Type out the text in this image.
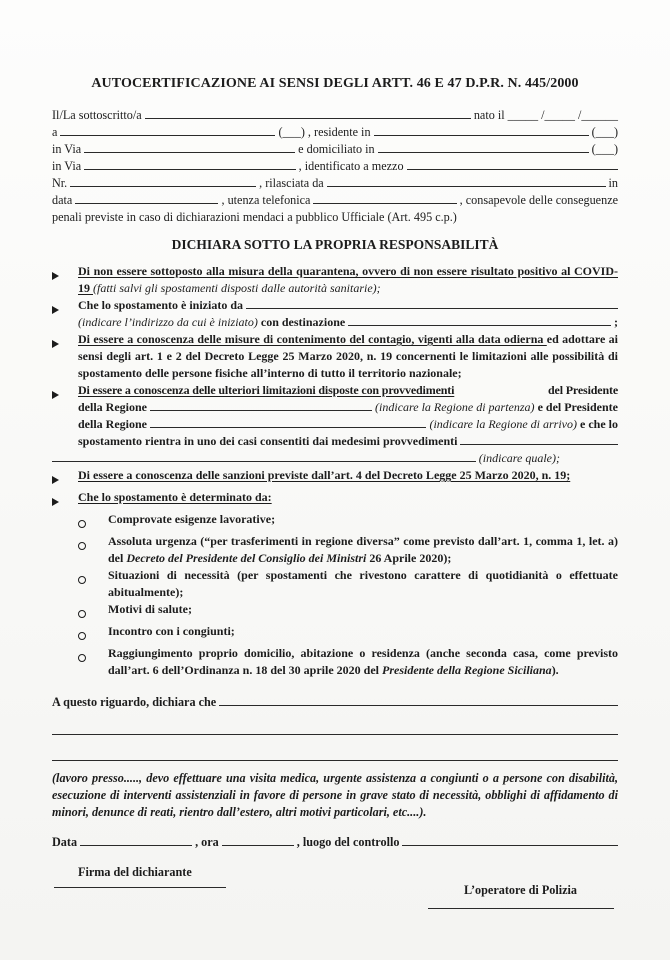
AUTOCERTIFICAZIONE AI SENSI DEGLI ARTT. 46 E 47 D.P.R. N. 445/2000
Il/La sottoscritto/a	nato il _____ /_____ /______
a	(___) , residente in	(___)
in Via	e domiciliato in	(___)
in Via	, identificato a mezzo
Nr.	, rilasciata da	in
data	, utenza telefonica	, consapevole delle conseguenze
penali previste in caso di dichiarazioni mendaci a pubblico Ufficiale (Art. 495 c.p.)
DICHIARA SOTTO LA PROPRIA RESPONSABILITÀ
Di non essere sottoposto alla misura della quarantena, ovvero di non essere risultato positivo al COVID-19 (fatti salvi gli spostamenti disposti dalle autorità sanitarie);
Che lo spostamento è iniziato da
(indicare l’indirizzo da cui è iniziato) con destinazione	;
Di essere a conoscenza delle misure di contenimento del contagio, vigenti alla data odierna ed adottare ai sensi degli art. 1 e 2 del Decreto Legge 25 Marzo 2020, n. 19 concernenti le limitazioni alle possibilità di spostamento delle persone fisiche all’interno di tutto il territorio nazionale;
Di essere a conoscenza delle ulteriori limitazioni disposte con provvedimenti	del Presidente
della Regione	(indicare la Regione di partenza) e del Presidente
della Regione	(indicare la Regione di arrivo) e che lo
spostamento rientra in uno dei casi consentiti dai medesimi provvedimenti
(indicare quale);
Di essere a conoscenza delle sanzioni previste dall’art. 4 del Decreto Legge 25 Marzo 2020, n. 19;
Che lo spostamento è determinato da:
Comprovate esigenze lavorative;
Assoluta urgenza (“per trasferimenti in regione diversa” come previsto dall’art. 1, comma 1, let. a) del Decreto del Presidente del Consiglio dei Ministri 26 Aprile 2020);
Situazioni di necessità (per spostamenti che rivestono carattere di quotidianità o effettuate abitualmente);
Motivi di salute;
Incontro con i congiunti;
Raggiungimento proprio domicilio, abitazione o residenza (anche seconda casa, come previsto dall’art. 6 dell’Ordinanza n. 18 del 30 aprile 2020 del Presidente della Regione Siciliana).
A questo riguardo, dichiara che
(lavoro presso....., devo effettuare una visita medica, urgente assistenza a congiunti o a persone con disabilità, esecuzione di interventi assistenziali in favore di persone in grave stato di necessità, obblighi di affidamento di minori, denunce di reati, rientro dall’estero, altri motivi particolari, etc....).
Data	, ora	, luogo del controllo
Firma del dichiarante
L’operatore di Polizia
